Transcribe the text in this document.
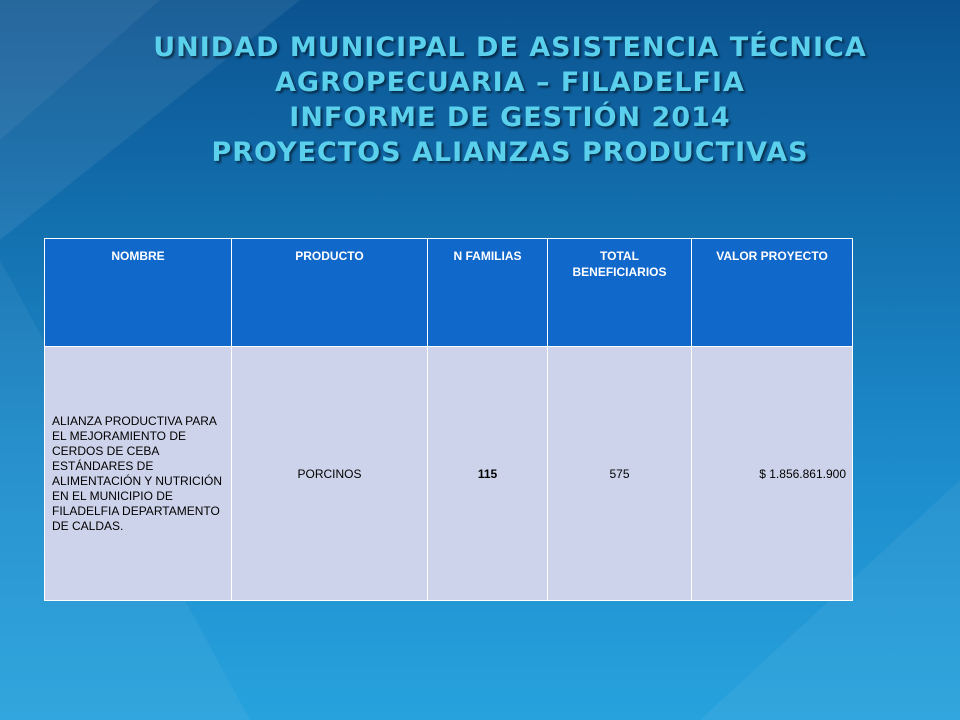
UNIDAD MUNICIPAL DE ASISTENCIA TÉCNICA
AGROPECUARIA – FILADELFIA
INFORME DE GESTIÓN 2014
PROYECTOS ALIANZAS PRODUCTIVAS
NOMBRE	PRODUCTO	N FAMILIAS	TOTAL BENEFICIARIOS	VALOR PROYECTO
ALIANZA PRODUCTIVA PARA EL MEJORAMIENTO DE CERDOS DE CEBA ESTÁNDARES DE ALIMENTACIÓN Y NUTRICIÓN EN EL MUNICIPIO DE FILADELFIA DEPARTAMENTO DE CALDAS.	PORCINOS	115	575	$ 1.856.861.900
